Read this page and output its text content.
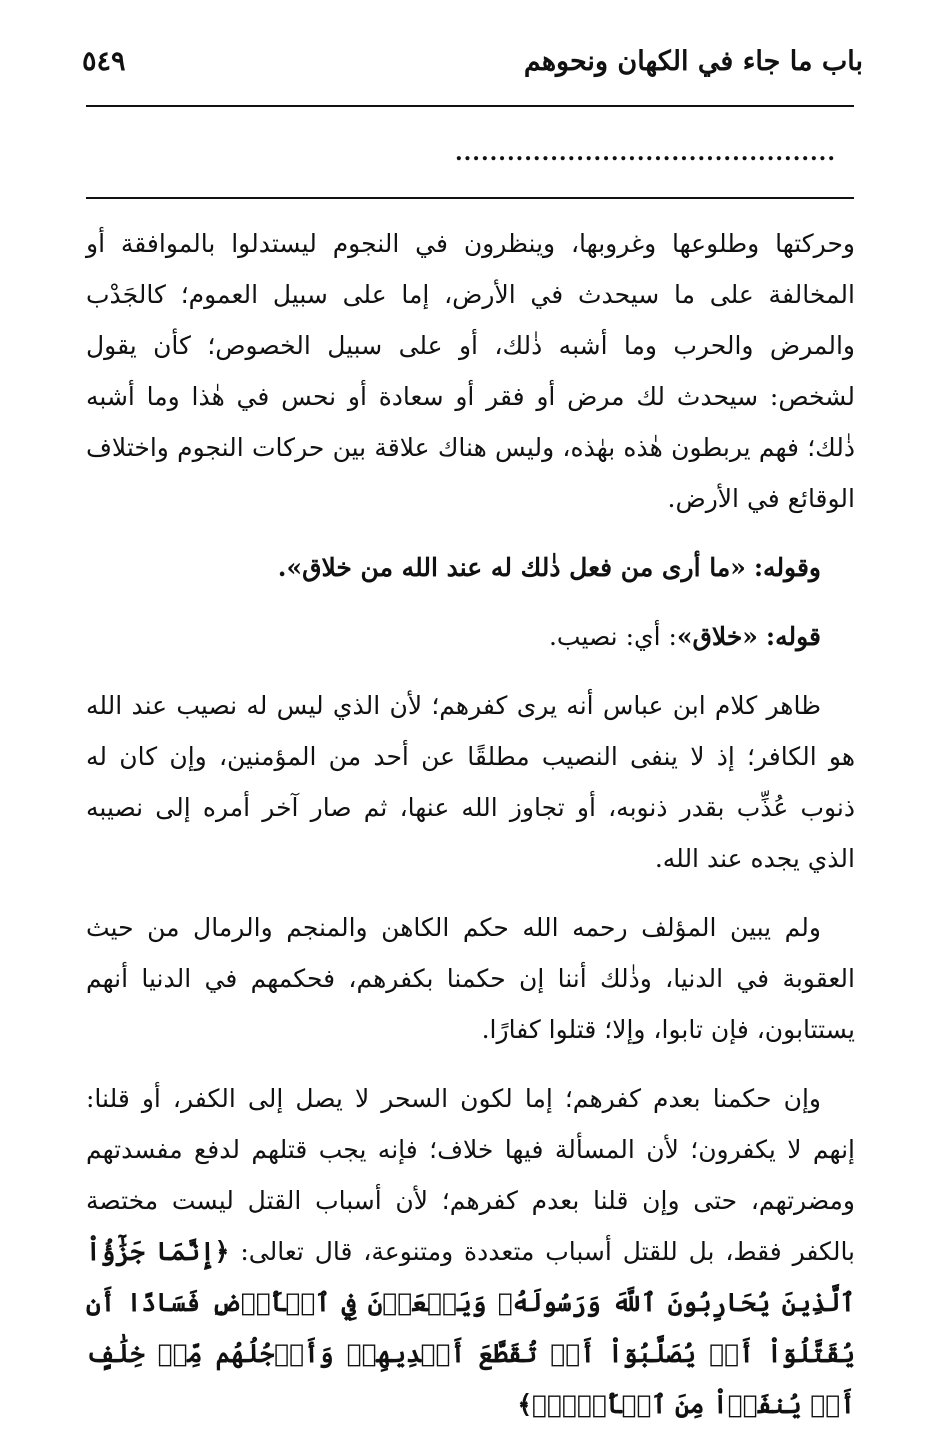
باب ما جاء في الكهان ونحوهم
٥٤٩
............................................

وحركتها وطلوعها وغروبها، وينظرون في النجوم ليستدلوا بالموافقة أو المخالفة على ما سيحدث في الأرض، إما على سبيل العموم؛ كالجَدْب والمرض والحرب وما أشبه ذٰلك، أو على سبيل الخصوص؛ كأن يقول لشخص: سيحدث لك مرض أو فقر أو سعادة أو نحس في هٰذا وما أشبه ذٰلك؛ فهم يربطون هٰذه بهٰذه، وليس هناك علاقة بين حركات النجوم واختلاف الوقائع في الأرض.

وقوله: «ما أرى من فعل ذٰلك له عند الله من خلاق».

قوله: «خلاق»: أي: نصيب.

ظاهر كلام ابن عباس أنه يرى كفرهم؛ لأن الذي ليس له نصيب عند الله هو الكافر؛ إذ لا ينفى النصيب مطلقًا عن أحد من المؤمنين، وإن كان له ذنوب عُذِّب بقدر ذنوبه، أو تجاوز الله عنها، ثم صار آخر أمره إلى نصيبه الذي يجده عند الله.

ولم يبين المؤلف رحمه الله حكم الكاهن والمنجم والرمال من حيث العقوبة في الدنيا، وذٰلك أننا إن حكمنا بكفرهم، فحكمهم في الدنيا أنهم يستتابون، فإن تابوا، وإلا؛ قتلوا كفارًا.

وإن حكمنا بعدم كفرهم؛ إما لكون السحر لا يصل إلى الكفر، أو قلنا: إنهم لا يكفرون؛ لأن المسألة فيها خلاف؛ فإنه يجب قتلهم لدفع مفسدتهم ومضرتهم، حتى وإن قلنا بعدم كفرهم؛ لأن أسباب القتل ليست مختصة بالكفر فقط، بل للقتل أسباب متعددة ومتنوعة، قال تعالى: ﴿إِنَّمَا جَزَٰٓؤُاْ ٱلَّذِينَ يُحَارِبُونَ ٱللَّهَ وَرَسُولَهُۥ وَيَسۡعَوۡنَ فِي ٱلۡأَرۡضِ فَسَادًا أَن يُقَتَّلُوٓاْ أَوۡ يُصَلَّبُوٓاْ أَوۡ تُقَطَّعَ أَيۡدِيهِمۡ وَأَرۡجُلُهُم مِّنۡ خِلَٰفٍ أَوۡ يُنفَوۡاْ مِنَ ٱلۡأَرۡضِۚ﴾
